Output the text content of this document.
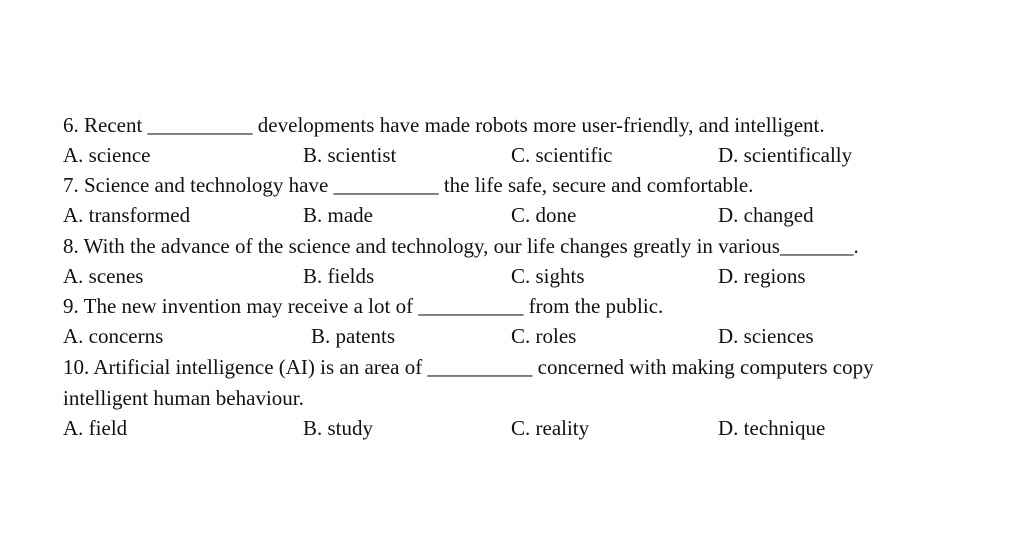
6. Recent __________ developments have made robots more user-friendly, and intelligent.
A. science	B. scientist	C. scientific	D. scientifically
7. Science and technology have __________ the life safe, secure and comfortable.
A. transformed	B. made	C. done	D. changed
8. With the advance of the science and technology, our life changes greatly in various_______.
A. scenes	B. fields	C. sights	D. regions
9. The new invention may receive a lot of __________ from the public.
A. concerns	B. patents	C. roles	D. sciences
10. Artificial intelligence (AI) is an area of __________ concerned with making computers copy
intelligent human behaviour.
A. field	B. study	C. reality	D. technique
